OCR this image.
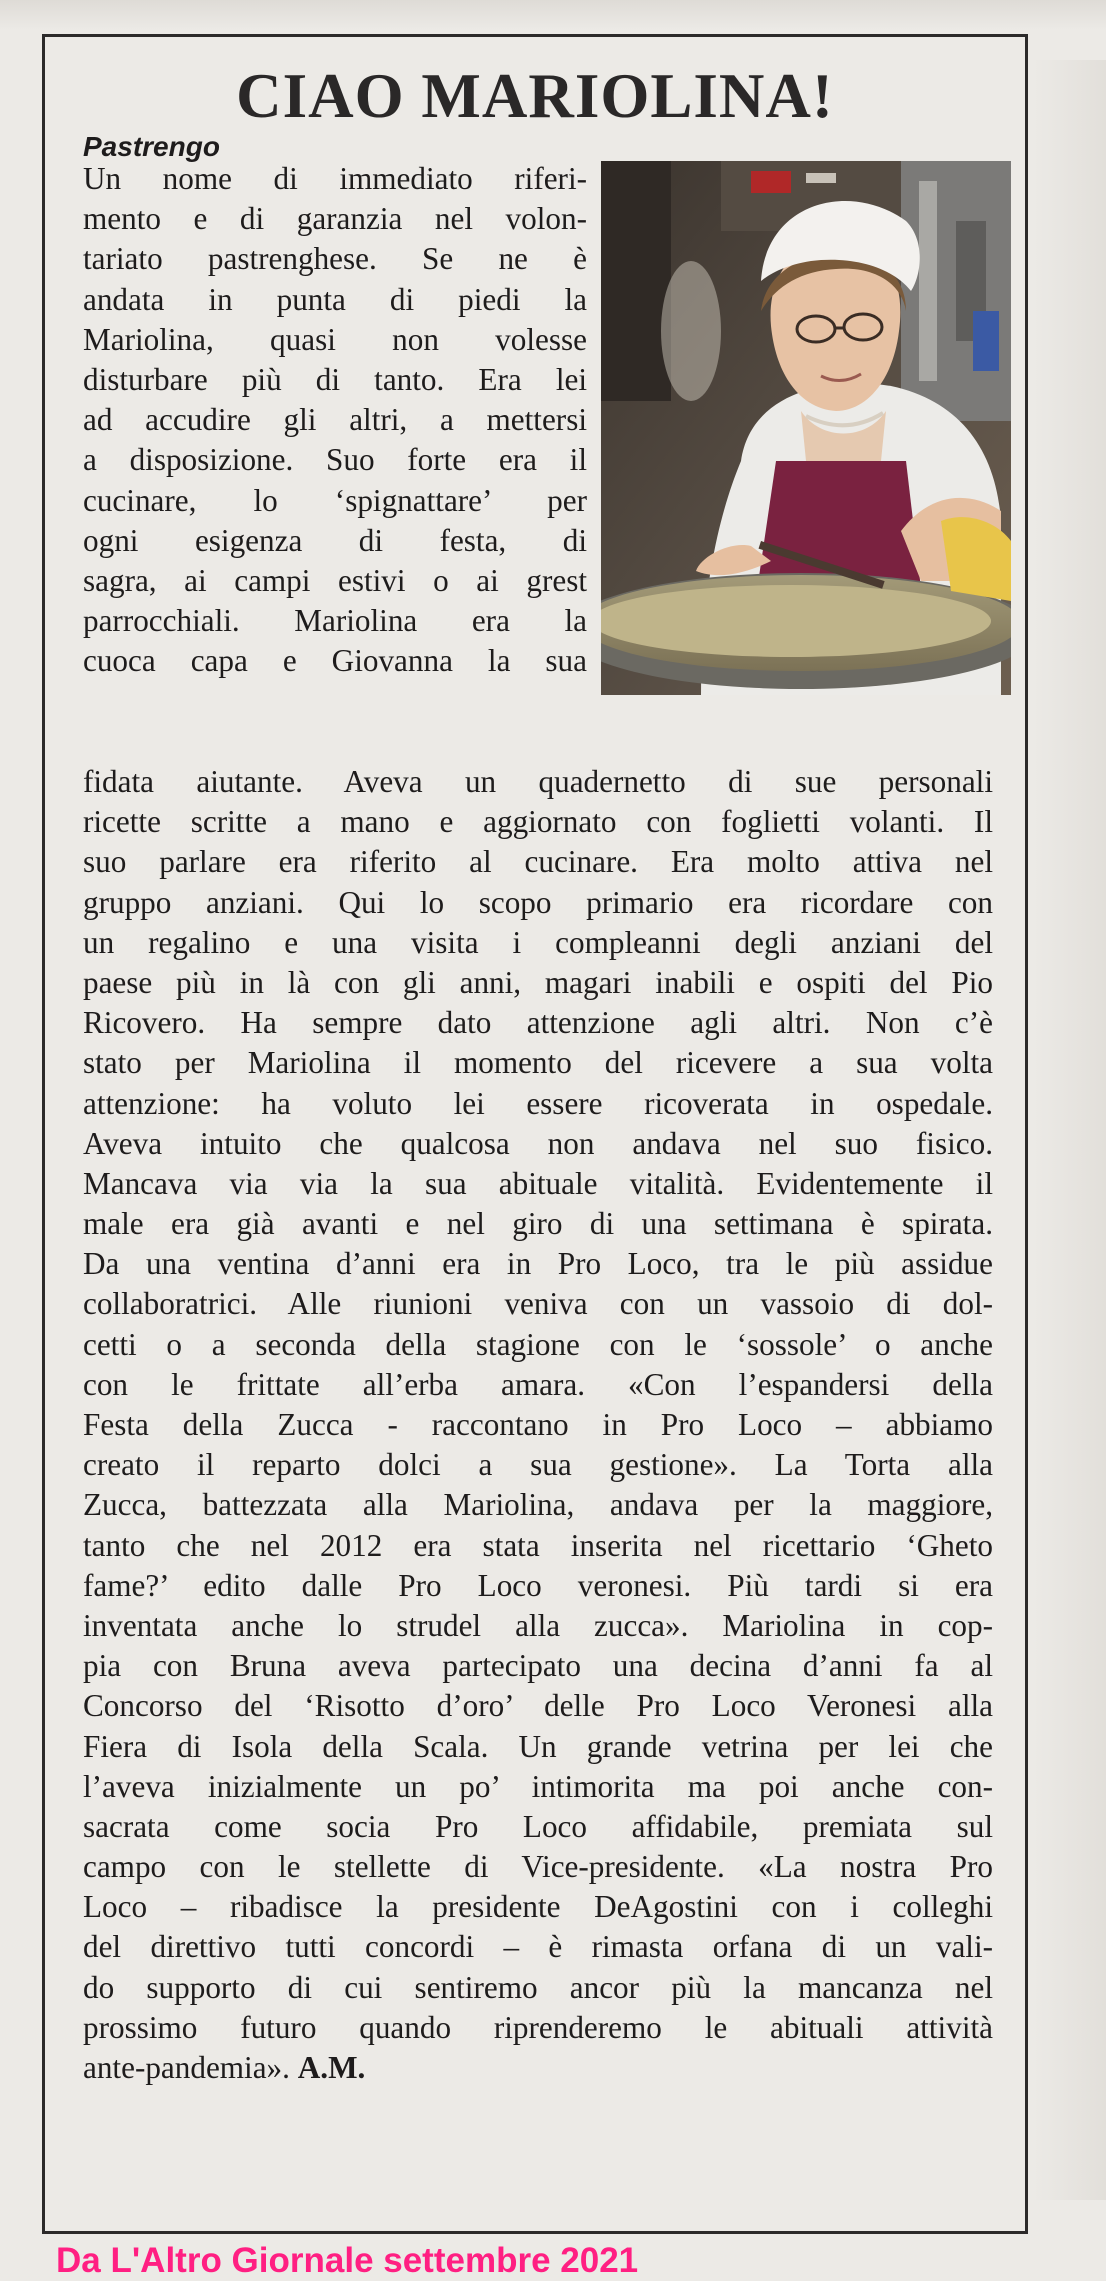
CIAO MARIOLINA!
Pastrengo
Un nome di immediato riferi-
mento e di garanzia nel volon-
tariato pastrenghese. Se ne è
andata in punta di piedi la
Mariolina, quasi non volesse
disturbare più di tanto. Era lei
ad accudire gli altri, a mettersi
a disposizione. Suo forte era il
cucinare, lo ‘spignattare’ per
ogni esigenza di festa, di
sagra, ai campi estivi o ai grest
parrocchiali. Mariolina era la
cuoca capa e Giovanna la sua
fidata aiutante. Aveva un quadernetto di sue personali
ricette scritte a mano e aggiornato con foglietti volanti. Il
suo parlare era riferito al cucinare. Era molto attiva nel
gruppo anziani. Qui lo scopo primario era ricordare con
un regalino e una visita i compleanni degli anziani del
paese più in là con gli anni, magari inabili e ospiti del Pio
Ricovero. Ha sempre dato attenzione agli altri. Non c’è
stato per Mariolina il momento del ricevere a sua volta
attenzione: ha voluto lei essere ricoverata in ospedale.
Aveva intuito che qualcosa non andava nel suo fisico.
Mancava via via la sua abituale vitalità. Evidentemente il
male era già avanti e nel giro di una settimana è spirata.
Da una ventina d’anni era in Pro Loco, tra le più assidue
collaboratrici. Alle riunioni veniva con un vassoio di dol-
cetti o a seconda della stagione con le ‘sossole’ o anche
con le frittate all’erba amara. «Con l’espandersi della
Festa della Zucca - raccontano in Pro Loco – abbiamo
creato il reparto dolci a sua gestione». La Torta alla
Zucca, battezzata alla Mariolina, andava per la maggiore,
tanto che nel 2012 era stata inserita nel ricettario ‘Gheto
fame?’ edito dalle Pro Loco veronesi. Più tardi si era
inventata anche lo strudel alla zucca». Mariolina in cop-
pia con Bruna aveva partecipato una decina d’anni fa al
Concorso del ‘Risotto d’oro’ delle Pro Loco Veronesi alla
Fiera di Isola della Scala. Un grande vetrina per lei che
l’aveva inizialmente un po’ intimorita ma poi anche con-
sacrata come socia Pro Loco affidabile, premiata sul
campo con le stellette di Vice-presidente. «La nostra Pro
Loco – ribadisce la presidente DeAgostini con i colleghi
del direttivo tutti concordi – è rimasta orfana di un vali-
do supporto di cui sentiremo ancor più la mancanza nel
prossimo futuro quando riprenderemo le abituali attività
ante-pandemia». A.M.
Da L'Altro Giornale settembre 2021
